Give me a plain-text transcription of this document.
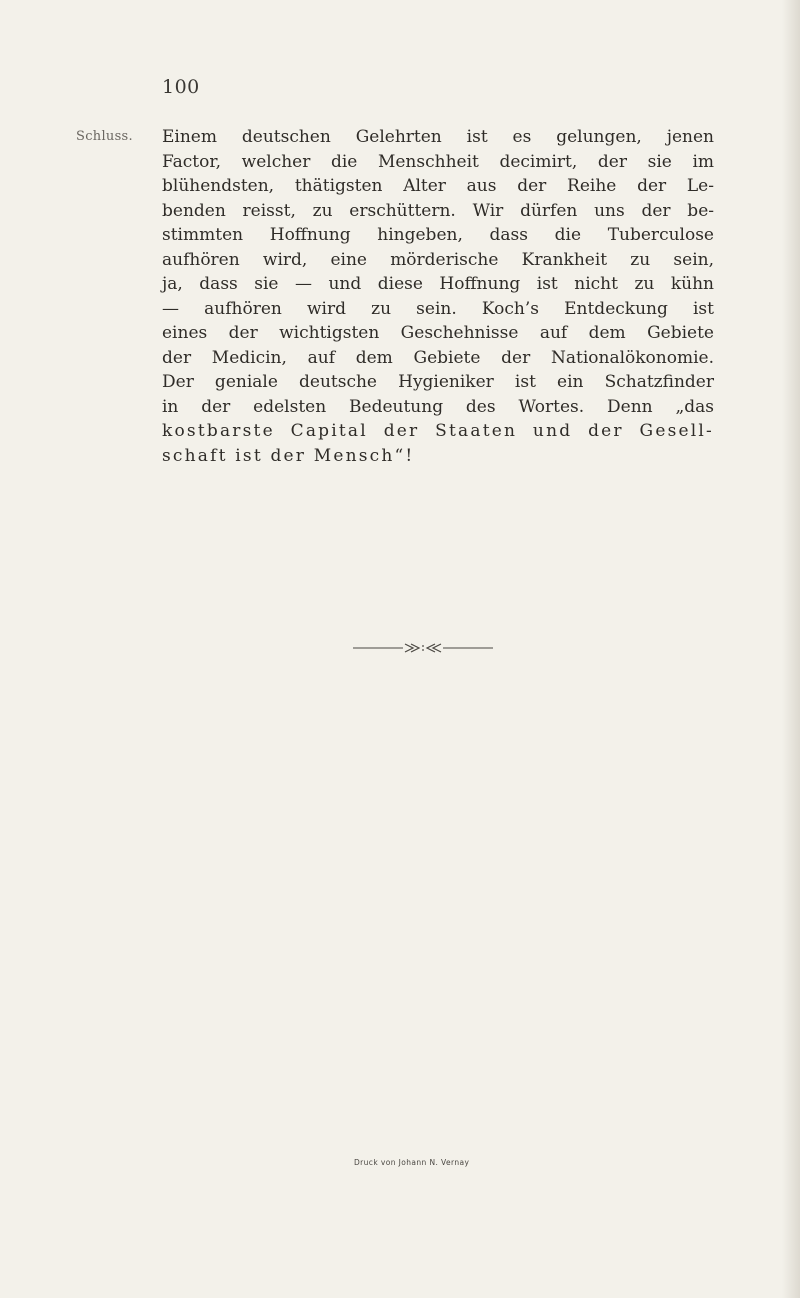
100
Schluss. Einem deutschen Gelehrten ist es gelungen, jenen
Factor, welcher die Menschheit decimirt, der sie im
blühendsten, thätigsten Alter aus der Reihe der Le-
benden reisst, zu erschüttern. Wir dürfen uns der be-
stimmten Hoffnung hingeben, dass die Tuberculose
aufhören wird, eine mörderische Krankheit zu sein,
ja, dass sie — und diese Hoffnung ist nicht zu kühn
— aufhören wird zu sein. Koch’s Entdeckung ist
eines der wichtigsten Geschehnisse auf dem Gebiete
der Medicin, auf dem Gebiete der Nationalökonomie.
Der geniale deutsche Hygieniker ist ein Schatzfinder
in der edelsten Bedeutung des Wortes. Denn „das
kostbarste Capital der Staaten und der Gesell-
schaft ist der Mensch“!
Druck von Johann N. Vernay
